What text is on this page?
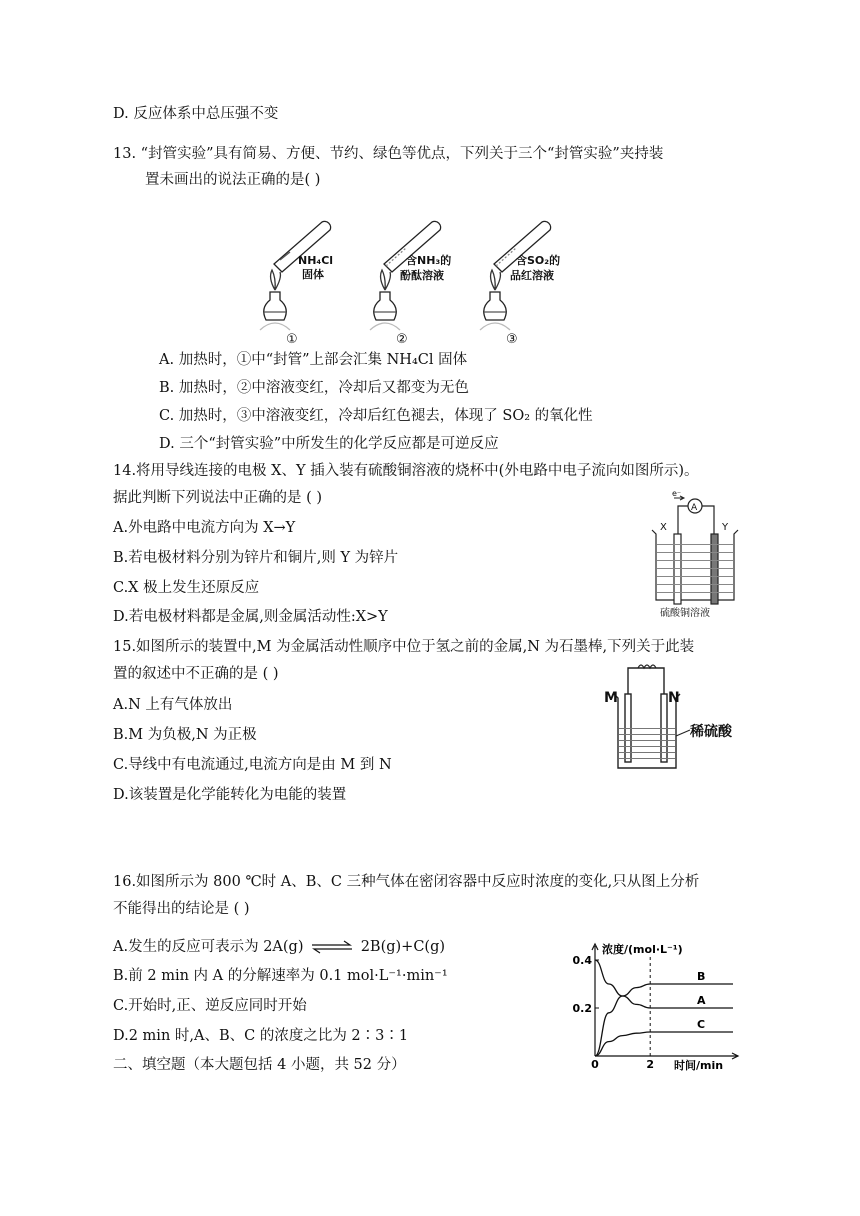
D. 反应体系中总压强不变
13. “封管实验”具有简易、方便、节约、绿色等优点，下列关于三个“封管实验”夹持装
置未画出的说法正确的是( )
NH₄Cl
固体
含NH₃的
酚酞溶液
含SO₂的
品红溶液
①	②	③
A. 加热时，①中“封管”上部会汇集 NH₄Cl 固体
B. 加热时，②中溶液变红，冷却后又都变为无色
C. 加热时，③中溶液变红，冷却后红色褪去，体现了 SO₂ 的氧化性
D. 三个“封管实验”中所发生的化学反应都是可逆反应
14.将用导线连接的电极 X、Y 插入装有硫酸铜溶液的烧杯中(外电路中电子流向如图所示)。
据此判断下列说法中正确的是 ( )
A.外电路中电流方向为 X→Y
B.若电极材料分别为锌片和铜片,则 Y 为锌片
C.X 极上发生还原反应
D.若电极材料都是金属,则金属活动性:X>Y
X	Y
A
e⁻
硫酸铜溶液
15.如图所示的装置中,M 为金属活动性顺序中位于氢之前的金属,N 为石墨棒,下列关于此装
置的叙述中不正确的是 ( )
A.N 上有气体放出
B.M 为负极,N 为正极
C.导线中有电流通过,电流方向是由 M 到 N
D.该装置是化学能转化为电能的装置
M	N
稀硫酸
16.如图所示为 800 ℃时 A、B、C 三种气体在密闭容器中反应时浓度的变化,只从图上分析
不能得出的结论是 ( )
A.发生的反应可表示为 2A(g) ⇌ 2B(g)+C(g)
B.前 2 min 内 A 的分解速率为 0.1 mol·L⁻¹·min⁻¹
C.开始时,正、逆反应同时开始
D.2 min 时,A、B、C 的浓度之比为 2∶3∶1
二、填空题（本大题包括 4 小题，共 52 分）
浓度/(mol·L⁻¹)
时间/min
0.2
0.4
0	2
B
A
C
